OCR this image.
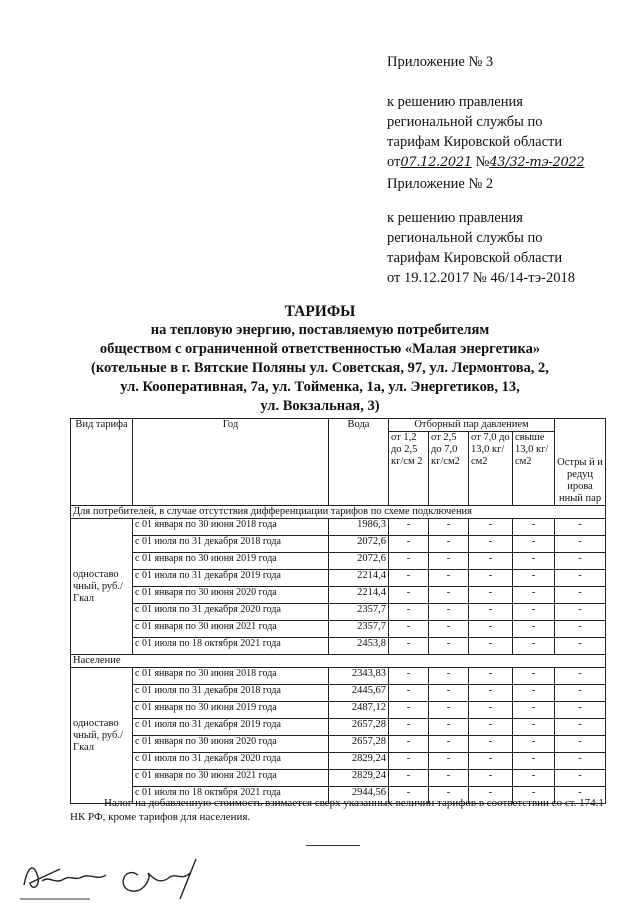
Приложение № 3
к решению правления
региональной службы по
тарифам Кировской области
от07.12.2021 №43/32-тэ-2022
Приложение № 2
к решению правления
региональной службы по
тарифам Кировской области
от 19.12.2017 № 46/14-тэ-2018
ТАРИФЫ
на тепловую энергию, поставляемую потребителям
обществом с ограниченной ответственностью «Малая энергетика»
(котельные в г. Вятские Поляны ул. Советская, 97, ул. Лермонтова, 2,
ул. Кооперативная, 7а, ул. Тойменка, 1а, ул. Энергетиков, 13,
ул. Вокзальная, 3)
Вид тарифа	Год	Вода	Отборный пар давлением				Остры й и редуц ирова нный пар
			от 1,2 до 2,5 кг/см 2	от 2,5 до 7,0 кг/см2	от 7,0 до 13,0 кг/см2	свыше 13,0 кг/см2	
Для потребителей, в случае отсутствия дифференциации тарифов по схеме подключения							
одноставо чный, руб./Гкал	с 01 января по 30 июня 2018 года	1986,3	-	-	-	-	-
	с 01 июля по 31 декабря 2018 года	2072,6	-	-	-	-	-
	с 01 января по 30 июня 2019 года	2072,6	-	-	-	-	-
	с 01 июля по 31 декабря 2019 года	2214,4	-	-	-	-	-
	с 01 января по 30 июня 2020 года	2214,4	-	-	-	-	-
	с 01 июля по 31 декабря 2020 года	2357,7	-	-	-	-	-
	с 01 января по 30 июня 2021 года	2357,7	-	-	-	-	-
	с 01 июля по 18 октября 2021 года	2453,8	-	-	-	-	-
Население							
одноставо чный, руб./Гкал	с 01 января по 30 июня 2018 года	2343,83	-	-	-	-	-
	с 01 июля по 31 декабря 2018 года	2445,67	-	-	-	-	-
	с 01 января по 30 июня 2019 года	2487,12	-	-	-	-	-
	с 01 июля по 31 декабря 2019 года	2657,28	-	-	-	-	-
	с 01 января по 30 июня 2020 года	2657,28	-	-	-	-	-
	с 01 июля по 31 декабря 2020 года	2829,24	-	-	-	-	-
	с 01 января по 30 июня 2021 года	2829,24	-	-	-	-	-
	с 01 июля по 18 октября 2021 года	2944,56	-	-	-	-	-
Налог на добавленную стоимость взимается сверх указанных величин тарифов в соответствии со ст. 174.1 НК РФ, кроме тарифов для населения.
